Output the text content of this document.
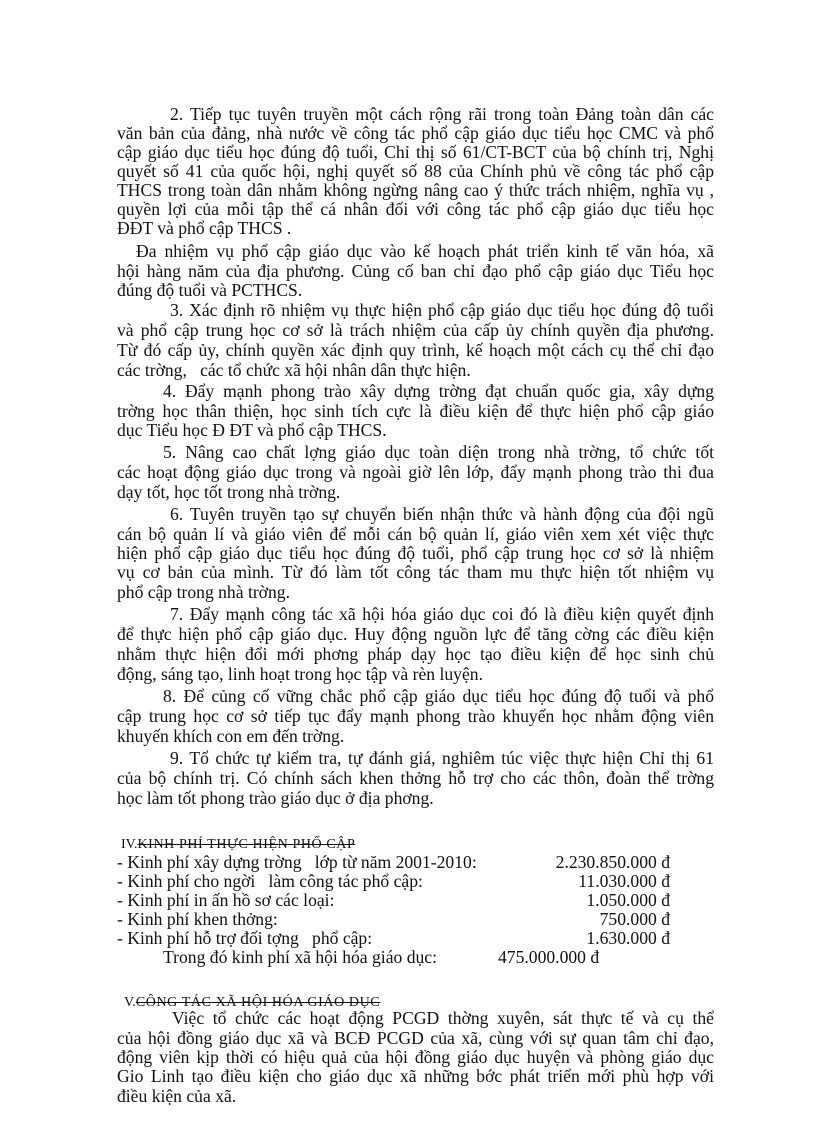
2. Tiếp tục tuyên truyền một cách rộng rãi trong toàn Đảng toàn dân các
văn bản của đảng, nhà nước về công tác phổ cập giáo dục tiểu học CMC và phổ
cập giáo dục tiểu học đúng độ tuổi, Chỉ thị số 61/CT-BCT của bộ chính trị, Nghị
quyết số 41 của quốc hội, nghị quyết số 88 của Chính phủ về công tác phổ cập
THCS trong toàn dân nhằm không ngừng nâng cao ý thức trách nhiệm, nghĩa vụ ,
quyền lợi của mỗi tập thể cá nhân đối với công tác phổ cập giáo dục tiểu học
ĐĐT và phổ cập THCS .
Đa nhiệm vụ phổ cập giáo dục vào kế hoạch phát triển kinh tế văn hóa, xã
hội hàng năm của địa phương. Củng cố ban chỉ đạo phổ cập giáo dục Tiểu học
đúng độ tuổi và PCTHCS.
3. Xác định rõ nhiệm vụ thực hiện phổ cập giáo dục tiểu học đúng độ tuổi
và phổ cập trung học cơ sở là trách nhiệm của cấp ủy chính quyền địa phương.
Từ đó cấp ủy, chính quyền xác định quy trình, kế hoạch một cách cụ thể chỉ đạo
các trờng,   các tổ chức xã hội nhân dân thực hiện.
4. Đẩy mạnh phong trào xây dựng trờng đạt chuẩn quốc gia, xây dựng
trờng học thân thiện, học sinh tích cực là điều kiện để thực hiện phổ cập giáo
dục Tiểu học Đ ĐT và phổ cập THCS.
5. Nâng cao chất lợng giáo dục toàn diện trong nhà trờng, tổ chức tốt
các hoạt động giáo dục trong và ngoài giờ lên lớp, đẩy mạnh phong trào thi đua
dạy tốt, học tốt trong nhà trờng.
6. Tuyên truyền tạo sự chuyển biến nhận thức và hành động của đội ngũ
cán bộ quản lí và giáo viên để mỗi cán bộ quản lí, giáo viên xem xét việc thực
hiện phổ cập giáo dục tiểu học đúng độ tuổi, phổ cập trung học cơ sở là nhiệm
vụ cơ bản của mình. Từ đó làm tốt công tác tham mu thực hiện tốt nhiệm vụ
phổ cập trong nhà trờng.
7. Đẩy mạnh công tác xã hội hóa giáo dục coi đó là điều kiện quyết định
để thực hiện phổ cập giáo dục. Huy động nguồn lực để tăng cờng các điều kiện
nhằm thực hiện đổi mới phơng pháp dạy học tạo điều kiện để học sinh chủ
động, sáng tạo, linh hoạt trong học tập và rèn luyện.
8. Để củng cố vững chắc phổ cập giáo dục tiểu học đúng độ tuổi và phổ
cập trung học cơ sở tiếp tục đẩy mạnh phong trào khuyến học nhằm động viên
khuyến khích con em đến trờng.
9. Tổ chức tự kiểm tra, tự đánh giá, nghiêm túc việc thực hiện Chỉ thị 61
của bộ chính trị. Có chính sách khen thởng hỗ trợ cho các thôn, đoàn thể trờng
học làm tốt phong trào giáo dục ở địa phơng.
IV.KINH PHÍ THỰC HIỆN PHỔ CẬP
- Kinh phí xây dựng trờng   lớp từ năm 2001-2010:	2.230.850.000 đ
- Kinh phí cho ngời   làm công tác phổ cập:	11.030.000 đ
- Kinh phí in ấn hồ sơ các loại:	1.050.000 đ
- Kinh phí khen thởng:	750.000 đ
- Kinh phí hỗ trợ đối tợng   phổ cập:	1.630.000 đ
Trong đó kinh phí xã hội hóa giáo dục:	475.000.000 đ
V.CÔNG TÁC XÃ HỘI HÓA GIÁO DỤC
Việc tổ chức các hoạt động PCGD thờng xuyên, sát thực tế và cụ thể
của hội đồng giáo dục xã và BCĐ PCGD của xã, cùng với sự quan tâm chỉ đạo,
động viên kịp thời có hiệu quả của hội đồng giáo dục huyện và phòng giáo dục
Gio Linh tạo điều kiện cho giáo dục xã những bớc phát triển mới phù hợp với
điều kiện của xã.
